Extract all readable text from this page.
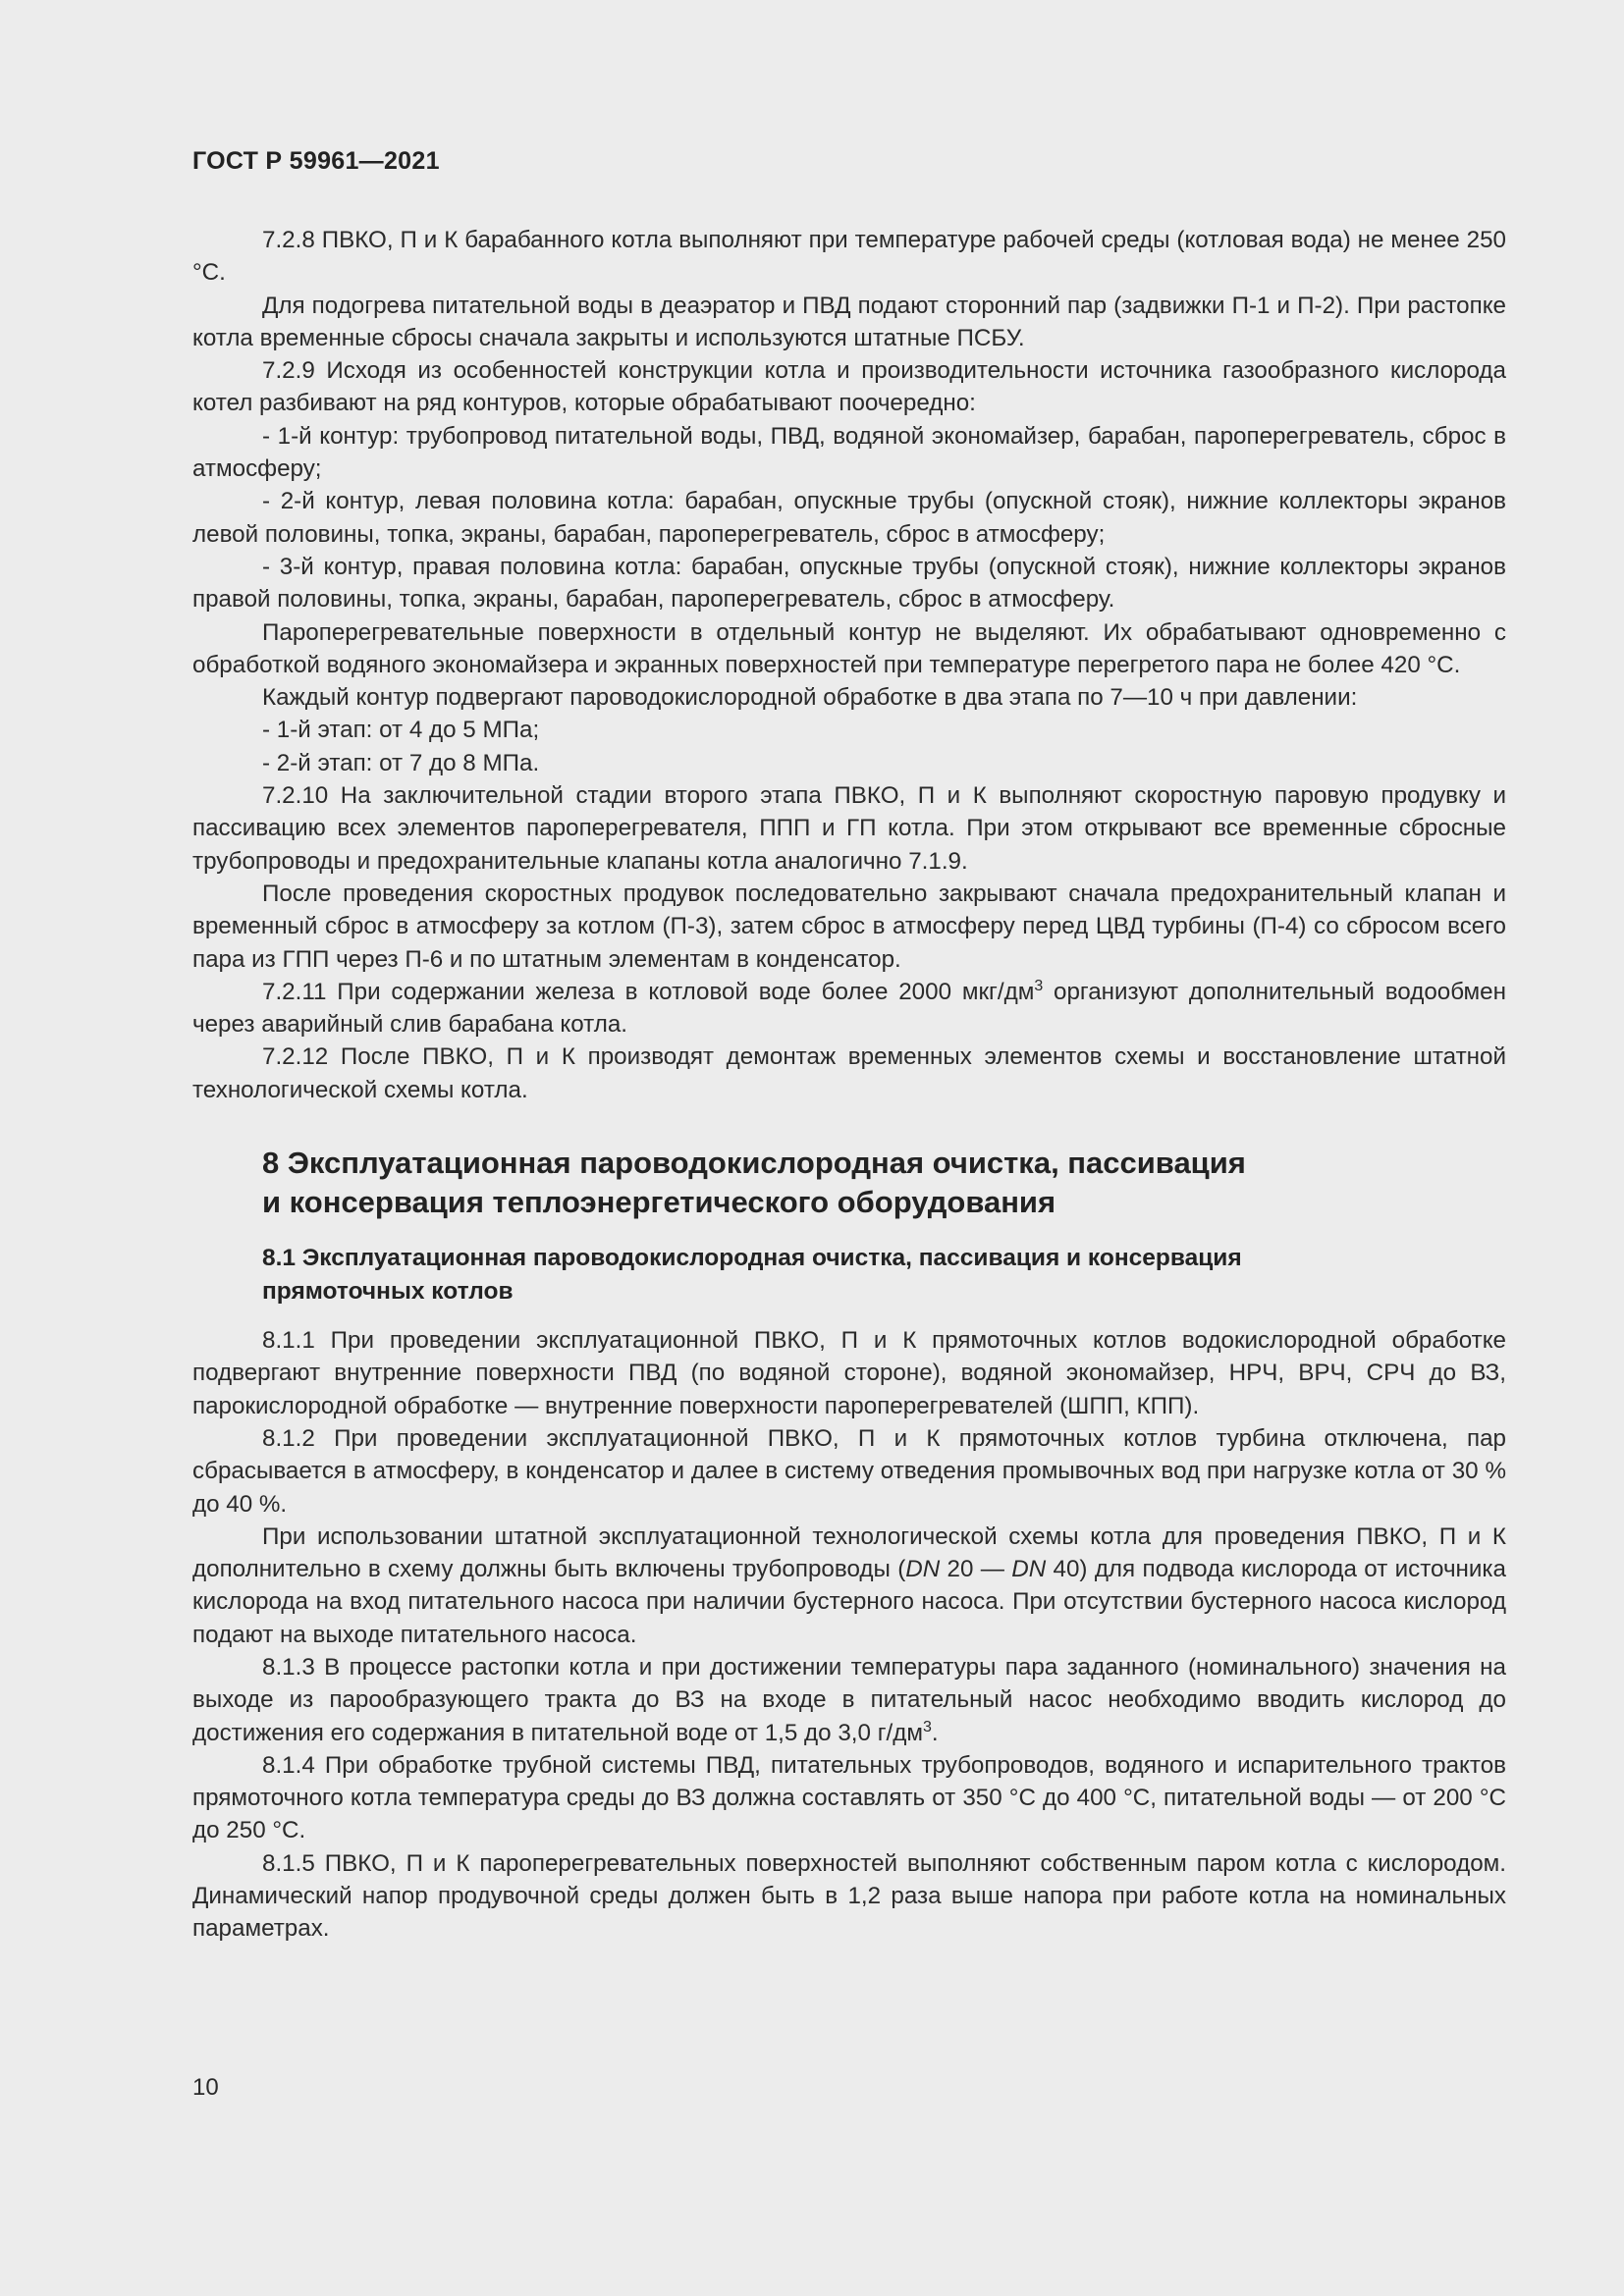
ГОСТ Р 59961—2021

7.2.8 ПВКО, П и К барабанного котла выполняют при температуре рабочей среды (котловая вода) не менее 250 °С.

Для подогрева питательной воды в деаэратор и ПВД подают сторонний пар (задвижки П-1 и П-2). При растопке котла временные сбросы сначала закрыты и используются штатные ПСБУ.

7.2.9 Исходя из особенностей конструкции котла и производительности источника газообразного кислорода котел разбивают на ряд контуров, которые обрабатывают поочередно:

- 1-й контур: трубопровод питательной воды, ПВД, водяной экономайзер, барабан, пароперегреватель, сброс в атмосферу;

- 2-й контур, левая половина котла: барабан, опускные трубы (опускной стояк), нижние коллекторы экранов левой половины, топка, экраны, барабан, пароперегреватель, сброс в атмосферу;

- 3-й контур, правая половина котла: барабан, опускные трубы (опускной стояк), нижние коллекторы экранов правой половины, топка, экраны, барабан, пароперегреватель, сброс в атмосферу.

Пароперегревательные поверхности в отдельный контур не выделяют. Их обрабатывают одновременно с обработкой водяного экономайзера и экранных поверхностей при температуре перегретого пара не более 420 °С.

Каждый контур подвергают пароводокислородной обработке в два этапа по 7—10 ч при давлении:

- 1-й этап: от 4 до 5 МПа;

- 2-й этап: от 7 до 8 МПа.

7.2.10 На заключительной стадии второго этапа ПВКО, П и К выполняют скоростную паровую продувку и пассивацию всех элементов пароперегревателя, ППП и ГП котла. При этом открывают все временные сбросные трубопроводы и предохранительные клапаны котла аналогично 7.1.9.

После проведения скоростных продувок последовательно закрывают сначала предохранительный клапан и временный сброс в атмосферу за котлом (П-3), затем сброс в атмосферу перед ЦВД турбины (П-4) со сбросом всего пара из ГПП через П-6 и по штатным элементам в конденсатор.

7.2.11 При содержании железа в котловой воде более 2000 мкг/$дм^3$ организуют дополнительный водообмен через аварийный слив барабана котла.

7.2.12 После ПВКО, П и К производят демонтаж временных элементов схемы и восстановление штатной технологической схемы котла.

8 Эксплуатационная пароводокислородная очистка, пассивация
и консервация теплоэнергетического оборудования

8.1 Эксплуатационная пароводокислородная очистка, пассивация и консервация
прямоточных котлов

8.1.1 При проведении эксплуатационной ПВКО, П и К прямоточных котлов водокислородной обработке подвергают внутренние поверхности ПВД (по водяной стороне), водяной экономайзер, НРЧ, ВРЧ, СРЧ до ВЗ, парокислородной обработке — внутренние поверхности пароперегревателей (ШПП, КПП).

8.1.2 При проведении эксплуатационной ПВКО, П и К прямоточных котлов турбина отключена, пар сбрасывается в атмосферу, в конденсатор и далее в систему отведения промывочных вод при нагрузке котла от 30 % до 40 %.

При использовании штатной эксплуатационной технологической схемы котла для проведения ПВКО, П и К дополнительно в схему должны быть включены трубопроводы (DN 20 — DN 40) для подвода кислорода от источника кислорода на вход питательного насоса при наличии бустерного насоса. При отсутствии бустерного насоса кислород подают на выходе питательного насоса.

8.1.3 В процессе растопки котла и при достижении температуры пара заданного (номинального) значения на выходе из парообразующего тракта до ВЗ на входе в питательный насос необходимо вводить кислород до достижения его содержания в питательной воде от 1,5 до 3,0 $г/дм^3$.

8.1.4 При обработке трубной системы ПВД, питательных трубопроводов, водяного и испарительного трактов прямоточного котла температура среды до ВЗ должна составлять от 350 °С до 400 °С, питательной воды — от 200 °С до 250 °С.

8.1.5 ПВКО, П и К пароперегревательных поверхностей выполняют собственным паром котла с кислородом. Динамический напор продувочной среды должен быть в 1,2 раза выше напора при работе котла на номинальных параметрах.

10
